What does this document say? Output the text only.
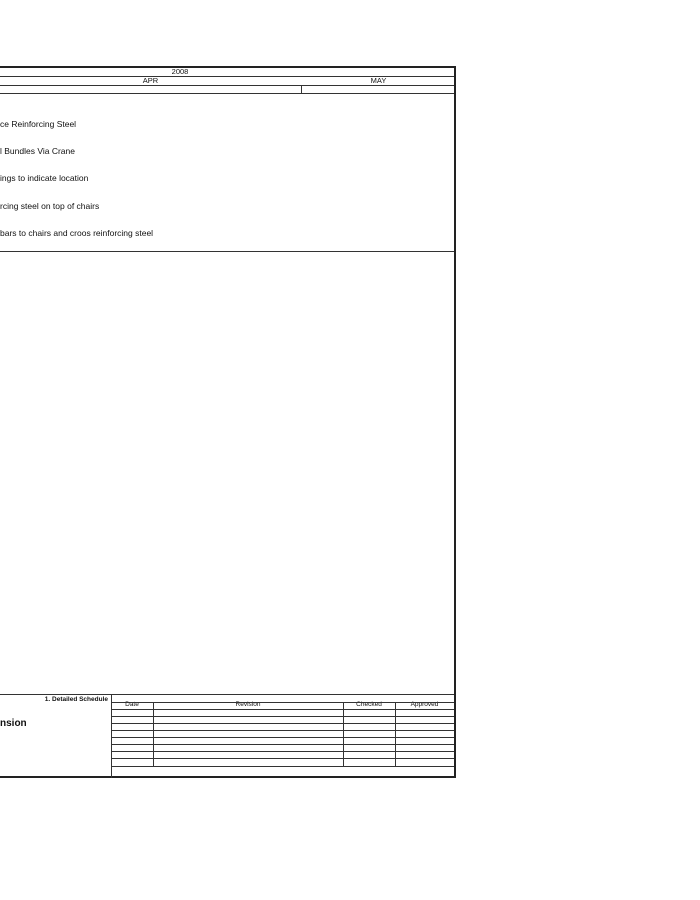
2008
APR	MAY
ce Reinforcing Steel
l Bundles Via Crane
ings to indicate location
rcing steel on top of chairs
bars to chairs and croos reinforcing steel
1. Detailed Schedule
nsion
Date	Revision	Checked	Approved
